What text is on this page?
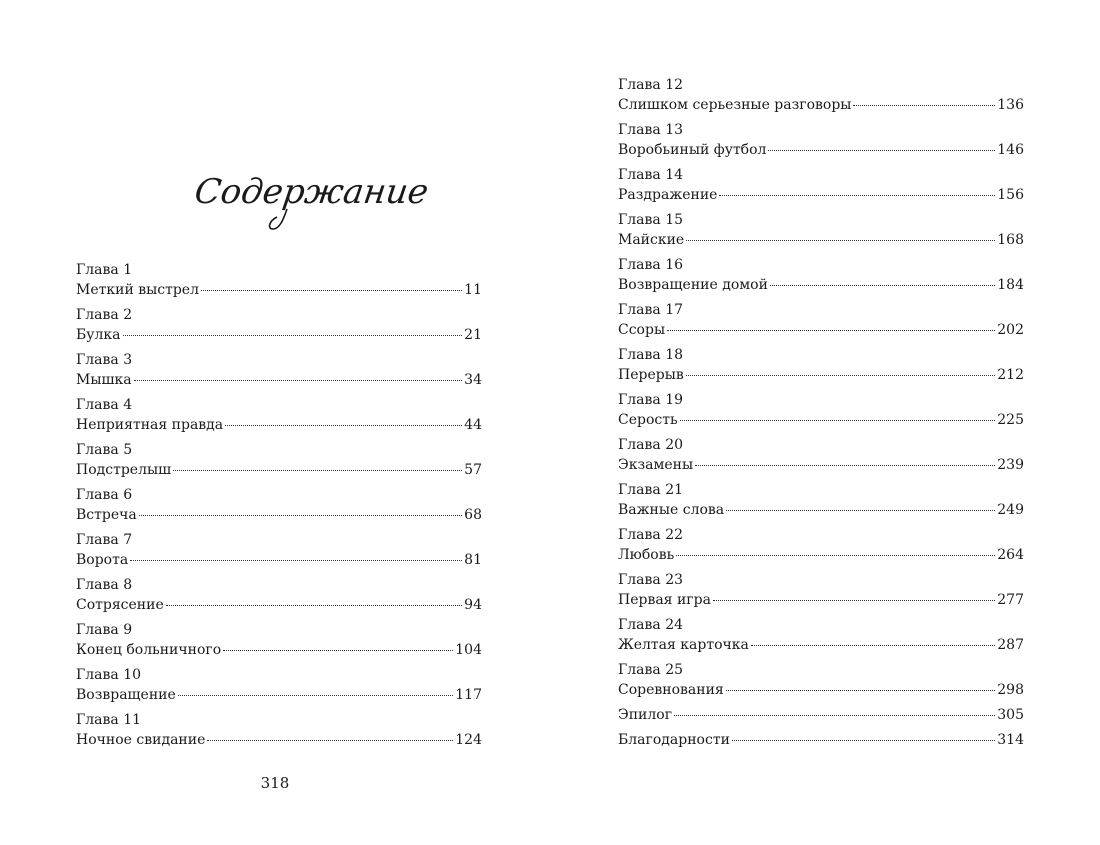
Содержание
Глава 1
Меткий выстрел	11
Глава 2
Булка	21
Глава 3
Мышка	34
Глава 4
Неприятная правда	44
Глава 5
Подстрелыш	57
Глава 6
Встреча	68
Глава 7
Ворота	81
Глава 8
Сотрясение	94
Глава 9
Конец больничного	104
Глава 10
Возвращение	117
Глава 11
Ночное свидание	124
318
Глава 12
Слишком серьезные разговоры	136
Глава 13
Воробьиный футбол	146
Глава 14
Раздражение	156
Глава 15
Майские	168
Глава 16
Возвращение домой	184
Глава 17
Ссоры	202
Глава 18
Перерыв	212
Глава 19
Серость	225
Глава 20
Экзамены	239
Глава 21
Важные слова	249
Глава 22
Любовь	264
Глава 23
Первая игра	277
Глава 24
Желтая карточка	287
Глава 25
Соревнования	298
Эпилог	305
Благодарности	314
